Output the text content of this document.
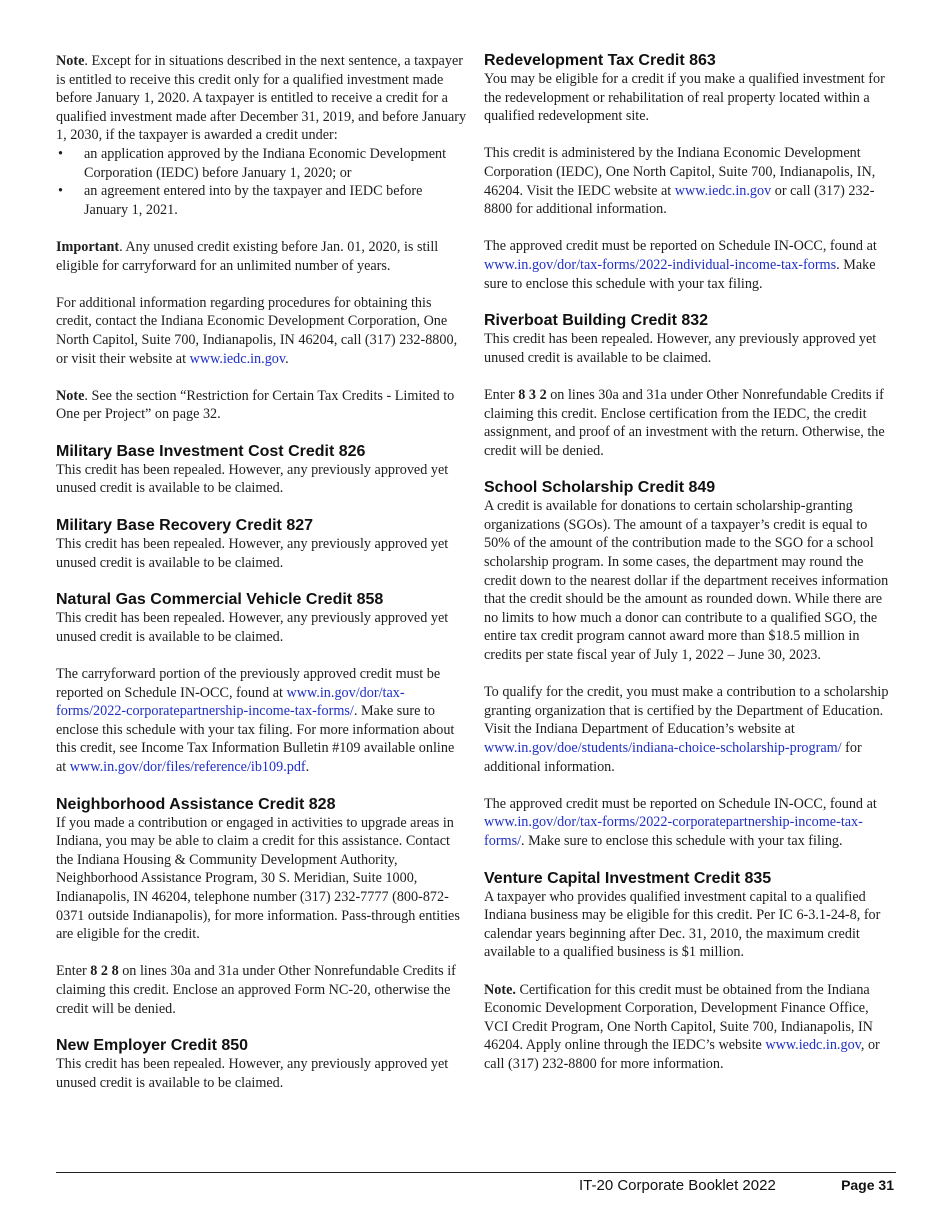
Note. Except for in situations described in the next sentence, a taxpayer is entitled to receive this credit only for a qualified investment made before January 1, 2020. A taxpayer is entitled to receive a credit for a qualified investment made after December 31, 2019, and before January 1, 2030, if the taxpayer is awarded a credit under:

• an application approved by the Indiana Economic Development Corporation (IEDC) before January 1, 2020; or
• an agreement entered into by the taxpayer and IEDC before January 1, 2021.

Important. Any unused credit existing before Jan. 01, 2020, is still eligible for carryforward for an unlimited number of years.

For additional information regarding procedures for obtaining this credit, contact the Indiana Economic Development Corporation, One North Capitol, Suite 700, Indianapolis, IN 46204, call (317) 232-8800, or visit their website at www.iedc.in.gov.

Note. See the section “Restriction for Certain Tax Credits - Limited to One per Project” on page 32.

Military Base Investment Cost Credit 826

This credit has been repealed. However, any previously approved yet unused credit is available to be claimed.

Military Base Recovery Credit 827

This credit has been repealed. However, any previously approved yet unused credit is available to be claimed.

Natural Gas Commercial Vehicle Credit 858

This credit has been repealed. However, any previously approved yet unused credit is available to be claimed.

The carryforward portion of the previously approved credit must be reported on Schedule IN-OCC, found at www.in.gov/dor/tax-forms/2022-corporatepartnership-income-tax-forms/. Make sure to enclose this schedule with your tax filing. For more information about this credit, see Income Tax Information Bulletin #109 available online at www.in.gov/dor/files/reference/ib109.pdf.

Neighborhood Assistance Credit 828

If you made a contribution or engaged in activities to upgrade areas in Indiana, you may be able to claim a credit for this assistance. Contact the Indiana Housing & Community Development Authority, Neighborhood Assistance Program, 30 S. Meridian, Suite 1000, Indianapolis, IN 46204, telephone number (317) 232-7777 (800-872-0371 outside Indianapolis), for more information. Pass-through entities are eligible for the credit.

Enter 8 2 8 on lines 30a and 31a under Other Nonrefundable Credits if claiming this credit. Enclose an approved Form NC-20, otherwise the credit will be denied.

New Employer Credit 850

This credit has been repealed. However, any previously approved yet unused credit is available to be claimed.

Redevelopment Tax Credit 863

You may be eligible for a credit if you make a qualified investment for the redevelopment or rehabilitation of real property located within a qualified redevelopment site.

This credit is administered by the Indiana Economic Development Corporation (IEDC), One North Capitol, Suite 700, Indianapolis, IN, 46204. Visit the IEDC website at www.iedc.in.gov or call (317) 232-8800 for additional information.

The approved credit must be reported on Schedule IN-OCC, found at www.in.gov/dor/tax-forms/2022-individual-income-tax-forms. Make sure to enclose this schedule with your tax filing.

Riverboat Building Credit 832

This credit has been repealed. However, any previously approved yet unused credit is available to be claimed.

Enter 8 3 2 on lines 30a and 31a under Other Nonrefundable Credits if claiming this credit. Enclose certification from the IEDC, the credit assignment, and proof of an investment with the return. Otherwise, the credit will be denied.

School Scholarship Credit 849

A credit is available for donations to certain scholarship-granting organizations (SGOs). The amount of a taxpayer’s credit is equal to 50% of the amount of the contribution made to the SGO for a school scholarship program. In some cases, the department may round the credit down to the nearest dollar if the department receives information that the credit should be the amount as rounded down. While there are no limits to how much a donor can contribute to a qualified SGO, the entire tax credit program cannot award more than $18.5 million in credits per state fiscal year of July 1, 2022 – June 30, 2023.

To qualify for the credit, you must make a contribution to a scholarship granting organization that is certified by the Department of Education. Visit the Indiana Department of Education’s website at www.in.gov/doe/students/indiana-choice-scholarship-program/ for additional information.

The approved credit must be reported on Schedule IN-OCC, found at www.in.gov/dor/tax-forms/2022-corporatepartnership-income-tax-forms/. Make sure to enclose this schedule with your tax filing.

Venture Capital Investment Credit 835

A taxpayer who provides qualified investment capital to a qualified Indiana business may be eligible for this credit. Per IC 6-3.1-24-8, for calendar years beginning after Dec. 31, 2010, the maximum credit available to a qualified business is $1 million.

Note. Certification for this credit must be obtained from the Indiana Economic Development Corporation, Development Finance Office, VCI Credit Program, One North Capitol, Suite 700, Indianapolis, IN 46204. Apply online through the IEDC’s website www.iedc.in.gov, or call (317) 232-8800 for more information.

IT-20 Corporate Booklet 2022	Page 31
